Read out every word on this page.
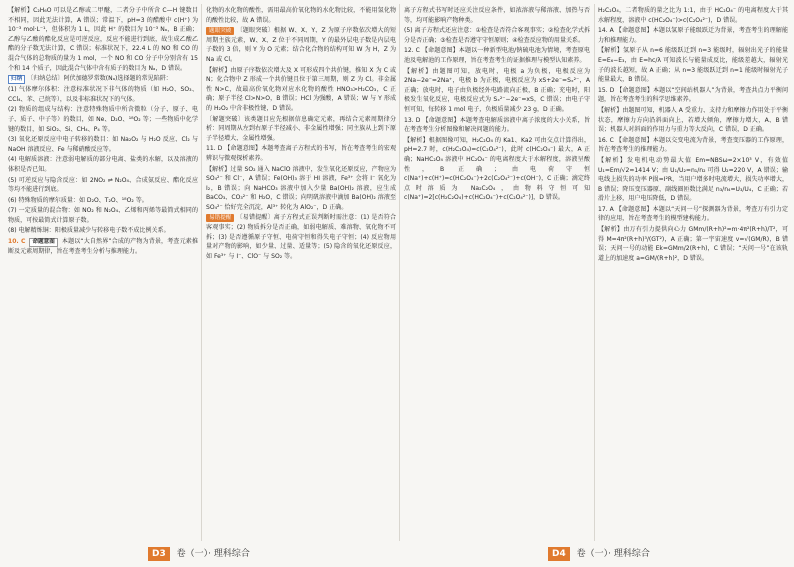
【解析】C₂H₆O 可以是乙醇或二甲醚，二者分子中所含 C—H 键数目不相同，因此无法计算，A 错误；常温下，pH=3 的醋酸中 c(H⁺) 为 10⁻³ mol·L⁻¹，但体积为 1 L，因此 H⁺ 的数目为 10⁻³ Nₐ，B 正确；乙醇与乙酸的酯化反应是可逆反应，反应不能进行到底，故生成乙酸乙酯的分子数无法计算，C 错误；标准状况下，22.4 L 的 NO 和 CO 的混合气体的总物质的量为 1 mol，一个 NO 和 CO 分子中分别含有 15 个和 14 个质子，因此混合气体中含有质子的数目为 Nₐ，D 错误。

归纳 〔归纳总结〕阿伏加德罗常数(Nₐ)选择题的常见陷阱：

(1) 气体摩尔体积：注意标准状况下非气体的物质（如 H₂O、SO₃、CCl₄、苯、己烷等），以及非标准状况下的气体。

(2) 物质的组成与结构：注意特殊物质中所含微粒（分子、原子、电子、质子、中子等）的数目，如 Ne、D₂O、¹⁸O₂ 等；一些物质中化学键的数目，如 SiO₂、Si、CH₄、P₄ 等。

(3) 氧化还原反应中电子转移的数目：如 Na₂O₂ 与 H₂O 反应、Cl₂ 与 NaOH 溶液反应、Fe 与稀硝酸反应等。

(4) 电解质溶液：注意弱电解质的部分电离、盐类的水解，以及溶液的体积是否已知。

(5) 可逆反应与隐含反应：如 2NO₂ ⇌ N₂O₄、合成氨反应、酯化反应等均不能进行到底。

(6) 特殊物质的摩尔质量：如 D₂O、T₂O、¹⁸O₂ 等。

(7) 一定质量的混合物：如 NO₂ 和 N₂O₄、乙烯和丙烯等最简式相同的物质，可按最简式计算原子数。

(8) 电解精炼铜：阳极质量减少与转移电子数不成比例关系。

10. C 命题意图 本题以“大自然界”合成的产物为背景，考查元素推断及元素周期律，旨在考查考生分析与推理能力。

化物的水化物的酸性，需用最高价氧化物的水化物比较，不能用氢化物的酸性比较，故 A 错误。

题眼突破 〔题眼突破〕根据 W、X、Y、Z 为原子序数依次增大的短周期主族元素，W、X、Z 位于不同周期，Y 的最外层电子数是内层电子数的 3 倍，则 Y 为 O 元素；结合化合物的结构可知 W 为 H，Z 为 Na 或 Cl。

【解析】由原子序数依次增大及 X 可形成四个共价键，推知 X 为 C 或 N；化合物中 Z 形成一个共价键且位于第三周期，则 Z 为 Cl。非金属性 N>C，故最高价氧化物对应水化物的酸性 HNO₃>H₂CO₃，C 正确；原子半径 Cl>N>O，B 错误；HCl 为强酸，A 错误；W 与 Y 形成的 H₂O₂ 中含非极性键，D 错误。

〔解题突破〕该类题目应先根据信息确定元素，再结合元素周期律分析：同周期从左到右原子半径减小、非金属性增强；同主族从上到下原子半径增大、金属性增强。

11. D 【命题意图】本题考查离子方程式的书写，旨在考查考生的宏观辨识与微观探析素养。

【解析】过量 SO₂ 通入 NaClO 溶液中，发生氧化还原反应，产物应为 SO₄²⁻ 和 Cl⁻，A 错误；Fe(OH)₃ 溶于 HI 溶液，Fe³⁺ 会将 I⁻ 氧化为 I₂，B 错误；向 NaHCO₃ 溶液中加入少量 Ba(OH)₂ 溶液，应生成 BaCO₃、CO₃²⁻ 和 H₂O，C 错误；向明矾溶液中滴加 Ba(OH)₂ 溶液至 SO₄²⁻ 恰好完全沉淀，Al³⁺ 转化为 AlO₂⁻，D 正确。

易错提醒 〔易错提醒〕离子方程式正误判断时需注意：(1) 是否符合客观事实；(2) 物质拆分是否正确，如弱电解质、难溶物、氧化物不可拆；(3) 是否遵循原子守恒、电荷守恒和得失电子守恒；(4) 反应物用量对产物的影响，如少量、过量、适量等；(5) 隐含的氧化还原反应，如 Fe³⁺ 与 I⁻、ClO⁻ 与 SO₂ 等。

离子方程式书写时还应关注反应条件，如浓溶液与稀溶液、加热与否等，均可能影响产物种类。

(5) 离子方程式还应注意：①检查是否符合客观事实；②检查化学式拆分是否正确；③检查是否遵守守恒原则；④检查反应物的用量关系。

12. C 【命题意图】本题以一种新型电池/钠硫电池为情境，考查原电池及电解池的工作原理，旨在考查考生的证据推理与模型认知素养。

【解析】由题图可知，放电时，电极 a 为负极，电极反应为 2Na−2e⁻=2Na⁺，电极 b 为正极，电极反应为 xS+2e⁻=Sₓ²⁻，A 正确；放电时，电子由负极经外电路流向正极，B 正确；充电时，阳极发生氧化反应，电极反应式为 Sₓ²⁻−2e⁻=xS，C 错误；由电子守恒可知，每转移 1 mol 电子，负极质量减少 23 g，D 正确。

13. D 【命题意图】本题考查电解质溶液中离子浓度的大小关系，旨在考查考生分析图像和解决问题的能力。

【解析】根据图像可知，H₂C₂O₄ 的 Ka1、Ka2 可由交点计算得出，pH=2.7 时，c(H₂C₂O₄)=c(C₂O₄²⁻)，此时 c(HC₂O₄⁻) 最大，A 正确；NaHC₂O₄ 溶液中 HC₂O₄⁻ 的电离程度大于水解程度，溶液呈酸性，B 正确；由电荷守恒 c(Na⁺)+c(H⁺)=c(HC₂O₄⁻)+2c(C₂O₄²⁻)+c(OH⁻)，C 正确；滴定终点时溶质为 Na₂C₂O₄，由物料守恒可知 c(Na⁺)=2[c(H₂C₂O₄)+c(HC₂O₄⁻)+c(C₂O₄²⁻)]，D 错误。

H₂C₂O₄，二者物质的量之比为 1:1，由于 HC₂O₄⁻ 的电离程度大于其水解程度，溶液中 c(HC₂O₄⁻)>c(C₂O₄²⁻)，D 错误。

14. A 【命题意图】本题以氢原子能级跃迁为背景，考查考生的理解能力和推理能力。

【解析】氢原子从 n=6 能级跃迁到 n=3 能级时，辐射出光子的能量 E=E₆−E₃，由 E=hc/λ 可知波长与能量成反比，能级差越大，辐射光子的波长越短，故 A 正确；从 n=3 能级跃迁到 n=1 能级时辐射光子能量最大，B 错误。

15. D 【命题意图】本题以“空间站机器人”为背景，考查共点力平衡问题，旨在考查考生的科学思维素养。

【解析】由题图可知，机器人 A 受重力、支持力和摩擦力作用处于平衡状态，摩擦力方向沿斜面向上，若增大倾角，摩擦力增大，A、B 错误；机器人对斜面的作用力与重力等大反向，C 错误，D 正确。

16. C 【命题意图】本题以交变电流为背景，考查变压器的工作原理，旨在考查考生的推理能力。

【解析】发电机电动势最大值 Em=NBSω=2×10³ V，有效值 U₁=Em/√2≈1414 V；由 U₁/U₂=n₁/n₂ 可得 U₂=220 V，A 错误；输电线上损失的功率 P损=I²R，当用户增多时电流增大，损失功率增大，B 错误；降压变压器原、副线圈匝数比满足 n₃/n₄=U₃/U₄，C 正确；若滑片上移，用户电压降低，D 错误。

17. A 【命题意图】本题以“天问一号”探测器为背景，考查万有引力定律的应用，旨在考查考生的模型建构能力。

【解析】由万有引力提供向心力 GMm/(R+h)²=m·4π²(R+h)/T²，可得 M=4π²(R+h)³/(GT²)，A 正确；第一宇宙速度 v=√(GM/R)，B 错误；天问一号的动能 Ek=GMm/2(R+h)，C 错误；“天问一号”在该轨道上的加速度 a=GM/(R+h)²，D 错误。

D3 卷（一）· 理科综合	D4 卷（一）· 理科综合
